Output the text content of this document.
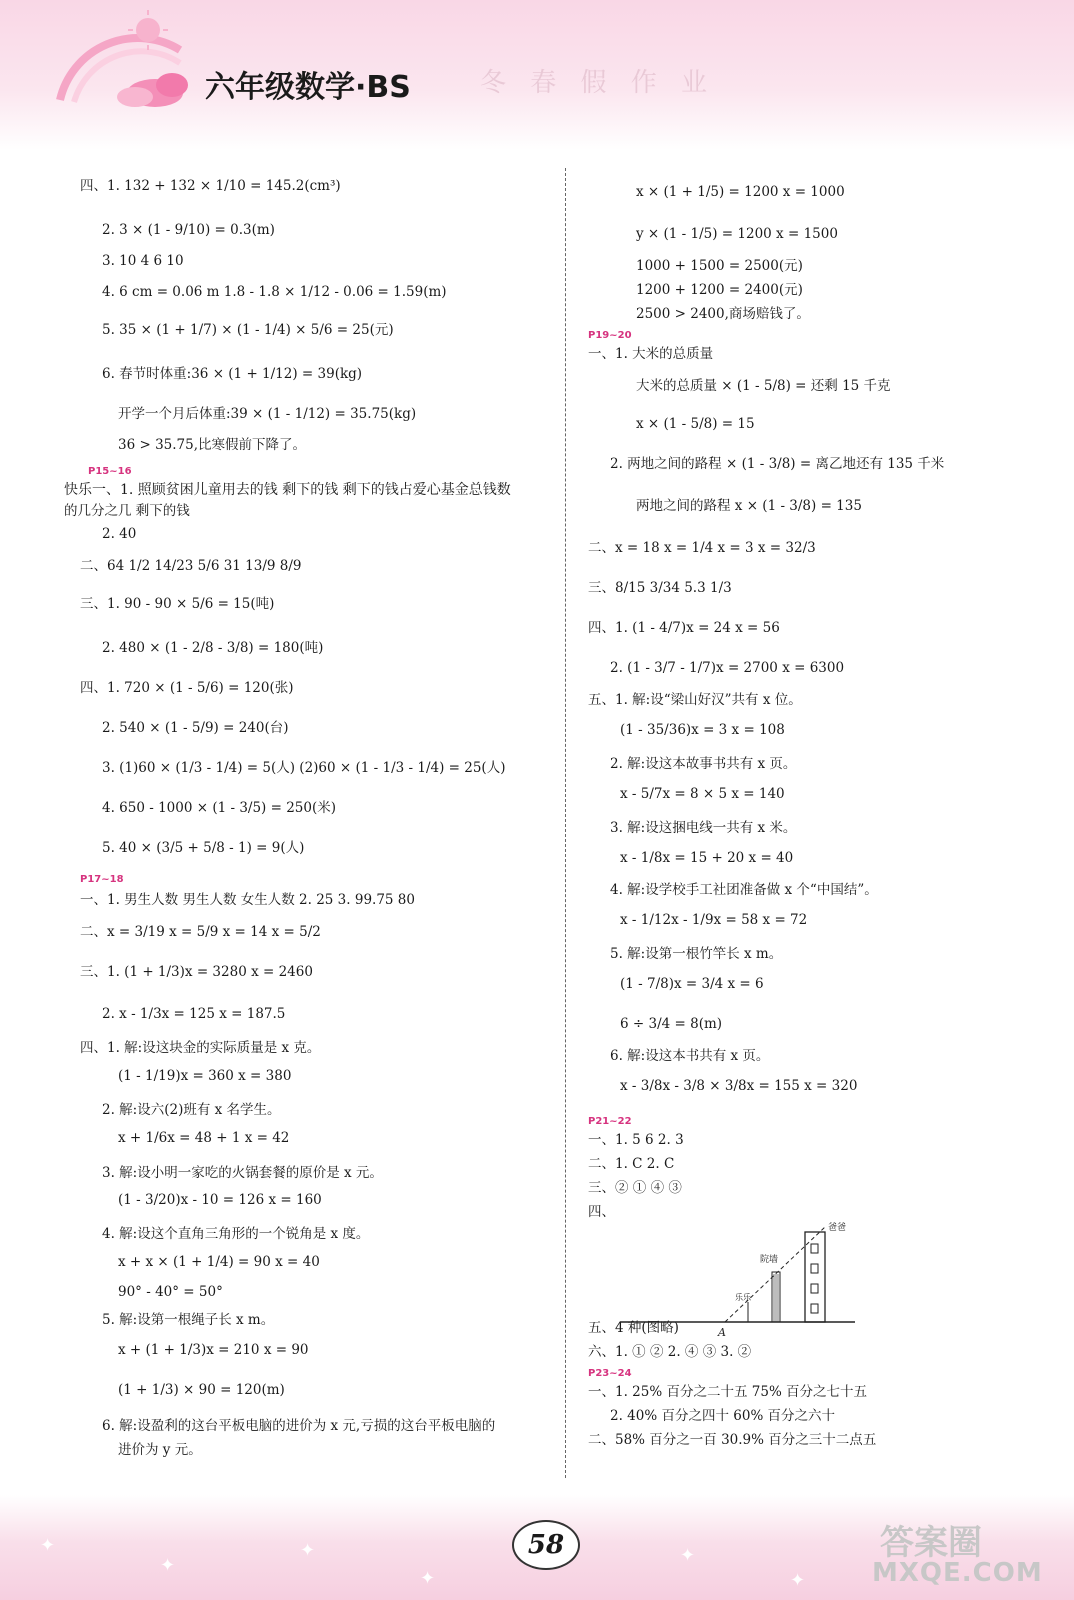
六年级数学·BS	冬 春 假 作 业
四、1. 132 + 132 × 1/10 = 145.2(cm³)
2. 3 × (1 - 9/10) = 0.3(m)
3. 10 4 6 10
4. 6 cm = 0.06 m 1.8 - 1.8 × 1/12 - 0.06 = 1.59(m)
5. 35 × (1 + 1/7) × (1 - 1/4) × 5/6 = 25(元)
6. 春节时体重:36 × (1 + 1/12) = 39(kg)
开学一个月后体重:39 × (1 - 1/12) = 35.75(kg)
36 > 35.75,比寒假前下降了。
P15~16
快乐一、1. 照顾贫困儿童用去的钱 剩下的钱 剩下的钱占爱心基金总钱数
的几分之几 剩下的钱
2. 40
二、64 1/2 14/23 5/6 31 13/9 8/9
三、1. 90 - 90 × 5/6 = 15(吨)
2. 480 × (1 - 2/8 - 3/8) = 180(吨)
四、1. 720 × (1 - 5/6) = 120(张)
2. 540 × (1 - 5/9) = 240(台)
3. (1)60 × (1/3 - 1/4) = 5(人) (2)60 × (1 - 1/3 - 1/4) = 25(人)
4. 650 - 1000 × (1 - 3/5) = 250(米)
5. 40 × (3/5 + 5/8 - 1) = 9(人)
P17~18
一、1. 男生人数 男生人数 女生人数 2. 25 3. 99.75 80
二、x = 3/19 x = 5/9 x = 14 x = 5/2
三、1. (1 + 1/3)x = 3280 x = 2460
2. x - 1/3x = 125 x = 187.5
四、1. 解:设这块金的实际质量是 x 克。
(1 - 1/19)x = 360 x = 380
2. 解:设六(2)班有 x 名学生。
x + 1/6x = 48 + 1 x = 42
3. 解:设小明一家吃的火锅套餐的原价是 x 元。
(1 - 3/20)x - 10 = 126 x = 160
4. 解:设这个直角三角形的一个锐角是 x 度。
x + x × (1 + 1/4) = 90 x = 40
90° - 40° = 50°
5. 解:设第一根绳子长 x m。
x + (1 + 1/3)x = 210 x = 90
(1 + 1/3) × 90 = 120(m)
6. 解:设盈利的这台平板电脑的进价为 x 元,亏损的这台平板电脑的
进价为 y 元。
x × (1 + 1/5) = 1200 x = 1000
y × (1 - 1/5) = 1200 x = 1500
1000 + 1500 = 2500(元)
1200 + 1200 = 2400(元)
2500 > 2400,商场赔钱了。
P19~20
一、1. 大米的总质量
大米的总质量 × (1 - 5/8) = 还剩 15 千克
x × (1 - 5/8) = 15
2. 两地之间的路程 × (1 - 3/8) = 离乙地还有 135 千米
两地之间的路程 x × (1 - 3/8) = 135
二、x = 18 x = 1/4 x = 3 x = 32/3
三、8/15 3/34 5.3 1/3
四、1. (1 - 4/7)x = 24 x = 56
2. (1 - 3/7 - 1/7)x = 2700 x = 6300
五、1. 解:设“梁山好汉”共有 x 位。
(1 - 35/36)x = 3 x = 108
2. 解:设这本故事书共有 x 页。
x - 5/7x = 8 × 5 x = 140
3. 解:设这捆电线一共有 x 米。
x - 1/8x = 15 + 20 x = 40
4. 解:设学校手工社团准备做 x 个“中国结”。
x - 1/12x - 1/9x = 58 x = 72
5. 解:设第一根竹竿长 x m。
(1 - 7/8)x = 3/4 x = 6
6 ÷ 3/4 = 8(m)
6. 解:设这本书共有 x 页。
x - 3/8x - 3/8 × 3/8x = 155 x = 320
P21~22
一、1. 5 6 2. 3
二、1. C 2. C
三、② ① ④ ③
四、
五、4 种(图略)
六、1. ① ② 2. ④ ③ 3. ②
P23~24
一、1. 25% 百分之二十五 75% 百分之七十五
2. 40% 百分之四十 60% 百分之六十
二、58% 百分之一百 30.9% 百分之三十二点五
院墙
爸爸
乐乐
A
✦
✦
✦
✦
✦
✦
58	答案圈
MXQE.COM
